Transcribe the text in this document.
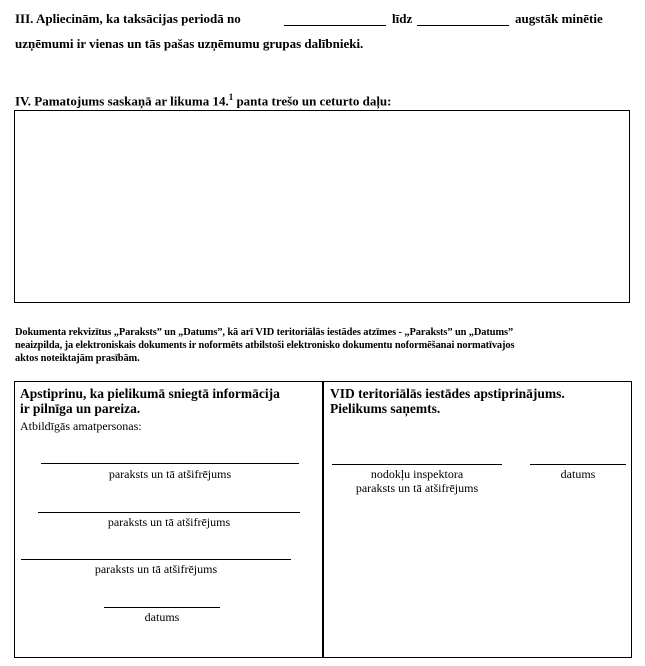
III. Apliecinām, ka taksācijas periodā no	līdz	augstāk minētie
uzņēmumi ir vienas un tās pašas uzņēmumu grupas dalībnieki.
IV. Pamatojums saskaņā ar likuma 14.$^1$ panta trešo un ceturto daļu:
Dokumenta rekvizītus „Paraksts” un „Datums”, kā arī VID teritoriālās iestādes atzīmes - „Paraksts” un „Datums”
neaizpilda, ja elektroniskais dokuments ir noformēts atbilstoši elektronisko dokumentu noformēšanai normatīvajos
aktos noteiktajām prasībām.
Apstiprinu, ka pielikumā sniegtā informācija
ir pilnīga un pareiza.
Atbildīgās amatpersonas:
paraksts un tā atšifrējums
paraksts un tā atšifrējums
paraksts un tā atšifrējums
datums
VID teritoriālās iestādes apstiprinājums.
Pielikums saņemts.
nodokļu inspektora
paraksts un tā atšifrējums
datums
